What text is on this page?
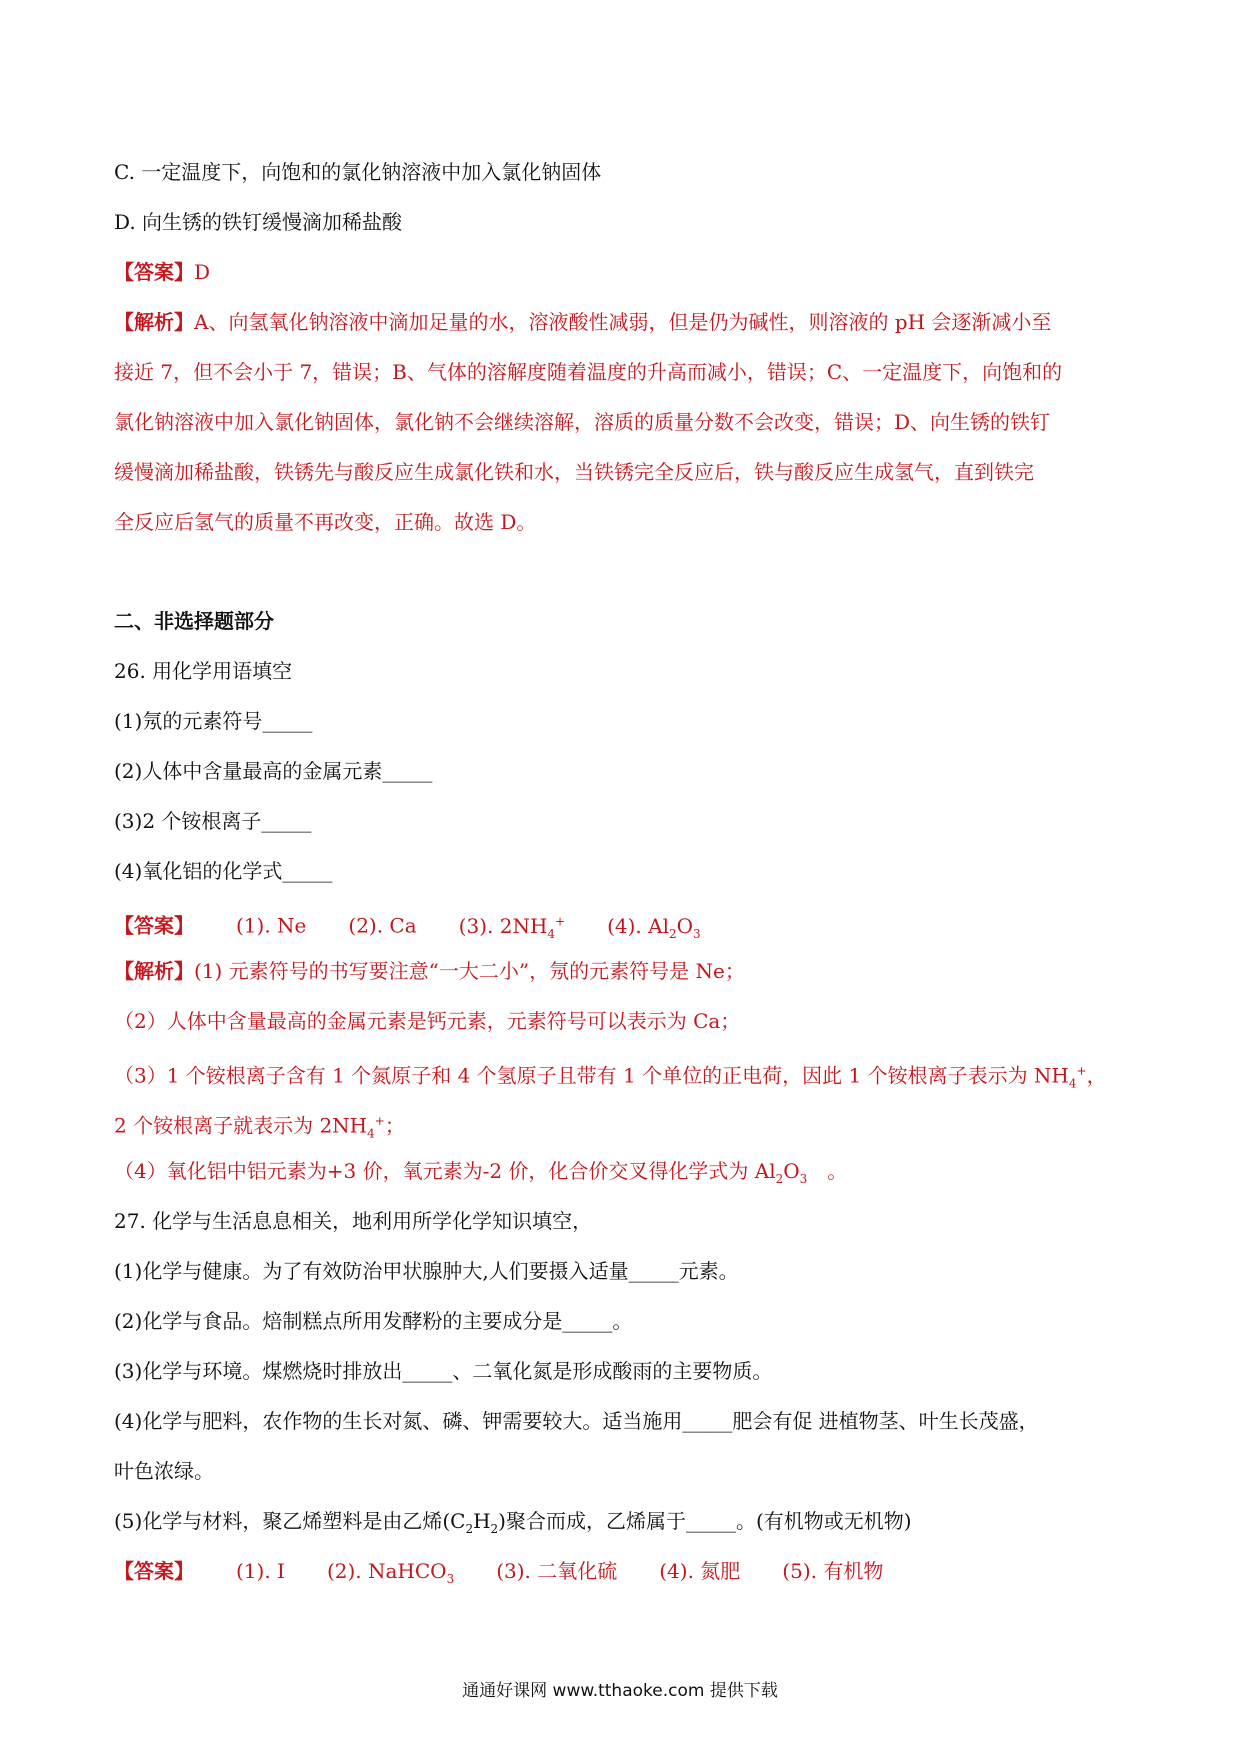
C. 一定温度下，向饱和的氯化钠溶液中加入氯化钠固体
D. 向生锈的铁钉缓慢滴加稀盐酸
【答案】D
【解析】A、向氢氧化钠溶液中滴加足量的水，溶液酸性减弱，但是仍为碱性，则溶液的 pH 会逐渐减小至
接近 7，但不会小于 7，错误；B、气体的溶解度随着温度的升高而减小，错误；C、一定温度下，向饱和的
氯化钠溶液中加入氯化钠固体，氯化钠不会继续溶解，溶质的质量分数不会改变，错误；D、向生锈的铁钉
缓慢滴加稀盐酸，铁锈先与酸反应生成氯化铁和水，当铁锈完全反应后，铁与酸反应生成氢气，直到铁完
全反应后氢气的质量不再改变，正确。故选 D。
二、非选择题部分
26. 用化学用语填空
(1)氖的元素符号_____
(2)人体中含量最高的金属元素_____
(3)2 个铵根离子_____
(4)氧化铝的化学式_____
【答案】 (1). Ne (2). Ca (3). $2NH_4^+$ (4). $Al_2O_3$
【解析】(1) 元素符号的书写要注意“一大二小”，氖的元素符号是 Ne；
（2）人体中含量最高的金属元素是钙元素，元素符号可以表示为 Ca；
（3）1 个铵根离子含有 1 个氮原子和 4 个氢原子且带有 1 个单位的正电荷，因此 1 个铵根离子表示为 $NH_4^+$，
2 个铵根离子就表示为 $2NH_4^+$；
（4）氧化铝中铝元素为+3 价，氧元素为-2 价，化合价交叉得化学式为 $Al_2O_3$　。
27. 化学与生活息息相关，地利用所学化学知识填空，
(1)化学与健康。为了有效防治甲状腺肿大,人们要摄入适量_____元素。
(2)化学与食品。焙制糕点所用发酵粉的主要成分是_____。
(3)化学与环境。煤燃烧时排放出_____、二氧化氮是形成酸雨的主要物质。
(4)化学与肥料，农作物的生长对氮、磷、钾需要较大。适当施用_____肥会有促 进植物茎、叶生长茂盛，
叶色浓绿。
(5)化学与材料，聚乙烯塑料是由乙烯$(C_2H_2)$聚合而成，乙烯属于_____。(有机物或无机物)
【答案】 (1). I (2). NaHCO$_3$ (3). 二氧化硫 (4). 氮肥 (5). 有机物
通通好课网 www.tthaoke.com 提供下载
